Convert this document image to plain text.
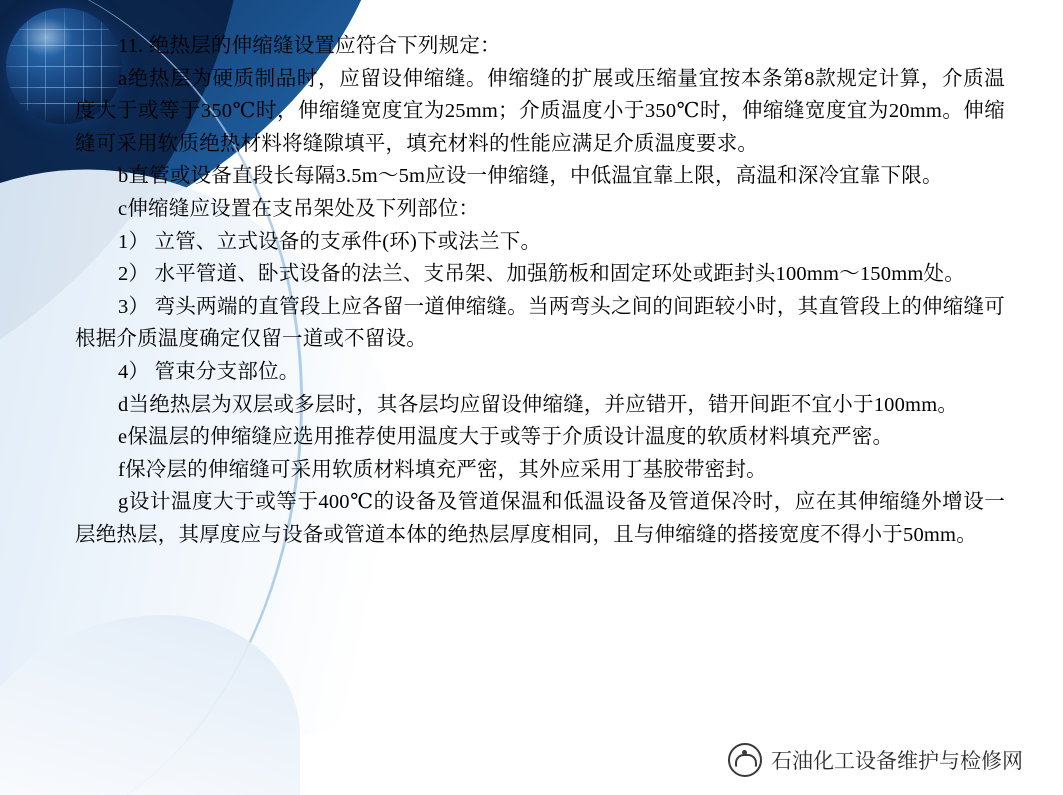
11. 绝热层的伸缩缝设置应符合下列规定：

a绝热层为硬质制品时，应留设伸缩缝。伸缩缝的扩展或压缩量宜按本条第8款规定计算，介质温度大于或等于350℃时，伸缩缝宽度宜为25mm；介质温度小于350℃时，伸缩缝宽度宜为20mm。伸缩缝可采用软质绝热材料将缝隙填平，填充材料的性能应满足介质温度要求。

b直管或设备直段长每隔3.5m～5m应设一伸缩缝，中低温宜靠上限，高温和深冷宜靠下限。

c伸缩缝应设置在支吊架处及下列部位：

1） 立管、立式设备的支承件(环)下或法兰下。

2） 水平管道、卧式设备的法兰、支吊架、加强筋板和固定环处或距封头100mm～150mm处。

3） 弯头两端的直管段上应各留一道伸缩缝。当两弯头之间的间距较小时，其直管段上的伸缩缝可根据介质温度确定仅留一道或不留设。

4） 管束分支部位。

d当绝热层为双层或多层时，其各层均应留设伸缩缝，并应错开，错开间距不宜小于100mm。

e保温层的伸缩缝应选用推荐使用温度大于或等于介质设计温度的软质材料填充严密。

f保冷层的伸缩缝可采用软质材料填充严密，其外应采用丁基胶带密封。

g设计温度大于或等于400℃的设备及管道保温和低温设备及管道保冷时，应在其伸缩缝外增设一层绝热层，其厚度应与设备或管道本体的绝热层厚度相同，且与伸缩缝的搭接宽度不得小于50mm。

石油化工设备维护与检修网
